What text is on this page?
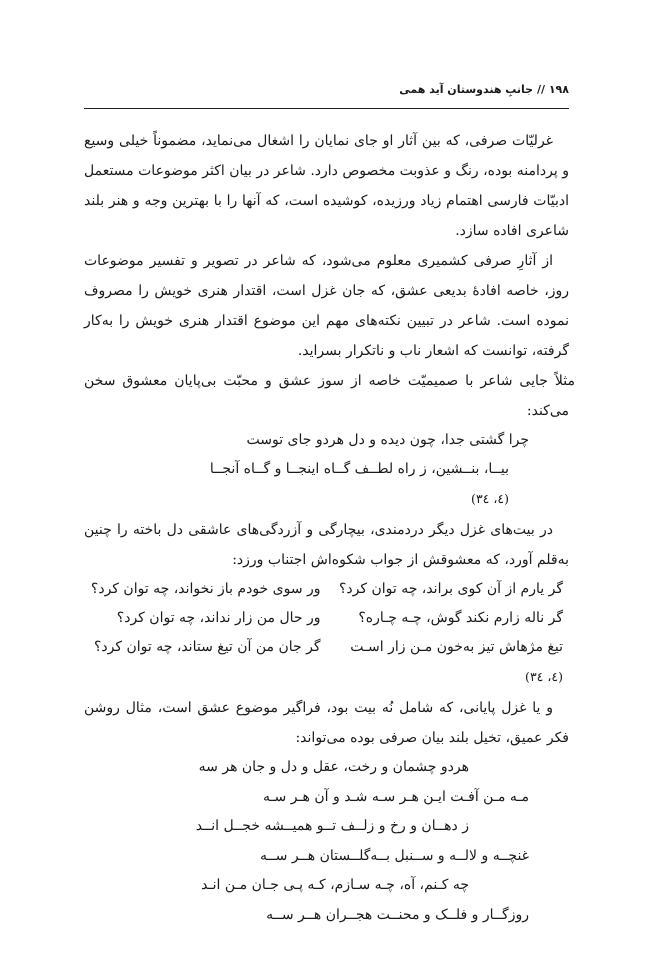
۱۹۸ // جانبِ هندوستان آید همی

غرلیّات صرفی، که بین آثار او جای نمایان را اشغال می‌نماید، مضموناً خیلی وسیع و پردامنه بوده، رنگ و عذوبت مخصوص دارد. شاعر در بیان اکثر موضوعات مستعمل ادبیّات فارسی اهتمام زیاد ورزیده، کوشیده است، که آنها را با بهترین وجه و هنر بلند شاعری افاده سازد.

از آثارِ صرفی کشمیری معلوم می‌شود، که شاعر در تصویر و تفسیر موضوعات روز، خاصه افادهٔ بدیعی عشق، که جان غزل است، اقتدار هنری خویش را مصروف نموده است. شاعر در تبیین نکته‌های مهم این موضوع اقتدار هنری خویش را به‌کار گرفته، توانست که اشعار ناب و ناتکرار بسراید.

مثلاً جایی شاعر با صمیمیّت خاصه از سوز عشق و محبّت بی‌پایان معشوق سخن می‌کند:

چرا گشتی جدا، چون دیده و دل هردو جای توست
بیــا، بنــشین، ز راه لطــف گــاه اینجــا و گــاه آنجــا
(٤، ٣٤)

در بیت‌های غزل دیگر دردمندی، بیچارگی و آزردگی‌های عاشقی دل باخته را چنین به‌قلم آورد، که معشوقش از جواب شکوه‌اش اجتناب ورزد:

گر یارم از آن کوی براند، چه توان کرد؟
ور سوی خودم باز نخواند، چه توان کرد؟
گر ناله زارم نکند گوش، چـه چـاره؟
ور حال من زار نداند، چه توان کرد؟
تیغ مژهاش تیز به‌خون مـن زار اسـت
گر جان من آن تیغ ستاند، چه توان کرد؟
(٤، ٣٤)

و یا غزل پایانی، که شامل نُه بیت بود، فراگیر موضوع عشق است، مثال روشن فکر عمیق، تخیل بلند بیان صرفی بوده می‌تواند:

هردو چشمان و رخت، عقل و دل و جان هر سه
مـه مـن آفـت ایـن هـر سـه شـد و آن هـر سـه
ز دهــان و رخ و زلــف تــو همیــشه خجــل انــد
غنچــه و لالــه و ســنبل بــه‌گلــستان هــر ســه
چه کـنم، آه، چـه سـازم، کـه پـی جـان مـن انـد
روزگــار و فلــک و محنــت هجــران هــر ســه
